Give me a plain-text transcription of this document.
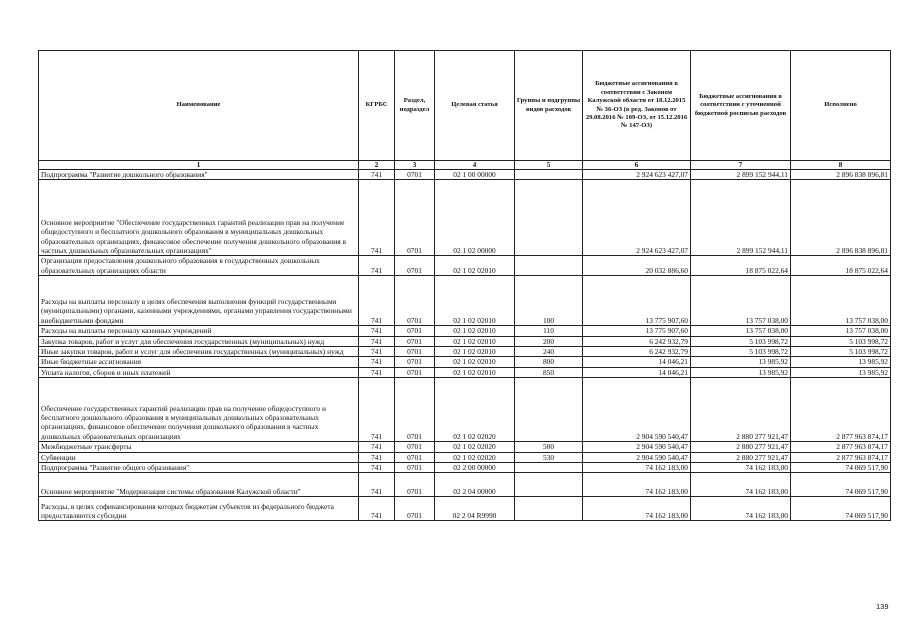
Наименование	КГРБС	Раздел, подраздел	Целевая статья	Группы и подгруппы видов расходов	Бюджетные ассигнования в соответствии с Законом Калужской области от 18.12.2015 № 36-ОЗ (в ред. Законов от 29.08.2016 № 109-ОЗ, от 15.12.2016 № 147-ОЗ)	Бюджетные ассигнования в соответствии с уточненной бюджетной росписью расходов	Исполнено
1	2	3	4	5	6	7	8
Подпрограмма "Развитие дошкольного образования"	741	0701	02 1 00 00000		2 924 623 427,07	2 899 152 944,11	2 896 838 896,81
Основное мероприятие "Обеспечение государственных гарантий реализации прав на получение общедоступного и бесплатного дошкольного образования в муниципальных дошкольных образовательных организациях, финансовое обеспечение получения дошкольного образования в частных дошкольных образовательных организациях"	741	0701	02 1 02 00000		2 924 623 427,07	2 899 152 944,11	2 896 838 896,81
Организация предоставления дошкольного образования в государственных дошкольных образовательных организациях области	741	0701	02 1 02 02010		20 032 886,60	18 875 022,64	18 875 022,64
Расходы на выплаты персоналу в целях обеспечения выполнения функций государственными (муниципальными) органами, казенными учреждениями, органами управления государственными внебюджетными фондами	741	0701	02 1 02 02010	100	13 775 907,60	13 757 038,00	13 757 038,00
Расходы на выплаты персоналу казенных учреждений	741	0701	02 1 02 02010	110	13 775 907,60	13 757 038,00	13 757 038,00
Закупка товаров, работ и услуг для обеспечения государственных (муниципальных) нужд	741	0701	02 1 02 02010	200	6 242 932,79	5 103 998,72	5 103 998,72
Иные закупки товаров, работ и услуг для обеспечения государственных (муниципальных) нужд	741	0701	02 1 02 02010	240	6 242 932,79	5 103 998,72	5 103 998,72
Иные бюджетные ассигнования	741	0701	02 1 02 02010	800	14 046,21	13 985,92	13 985,92
Уплата налогов, сборов и иных платежей	741	0701	02 1 02 02010	850	14 046,21	13 985,92	13 985,92
Обеспечение государственных гарантий реализации прав на получение общедоступного и бесплатного дошкольного образования в муниципальных дошкольных образовательных организациях, финансовое обеспечение получения дошкольного образования в частных дошкольных образовательных организациях	741	0701	02 1 02 02020		2 904 590 540,47	2 880 277 921,47	2 877 963 874,17
Межбюджетные трансферты	741	0701	02 1 02 02020	500	2 904 590 540,47	2 880 277 921,47	2 877 963 874,17
Субвенции	741	0701	02 1 02 02020	530	2 904 590 540,47	2 880 277 921,47	2 877 963 874,17
Подпрограмма "Развитие общего образования"	741	0701	02 2 00 00000		74 162 183,00	74 162 183,00	74 069 517,90
Основное мероприятие "Модернизация системы образования Калужской области"	741	0701	02 2 04 00000		74 162 183,00	74 162 183,00	74 069 517,90
Расходы, в целях софинансирования которых бюджетам субъектов из федерального бюджета предоставляются субсидии	741	0701	02 2 04 R9990		74 162 183,00	74 162 183,00	74 069 517,90
139
